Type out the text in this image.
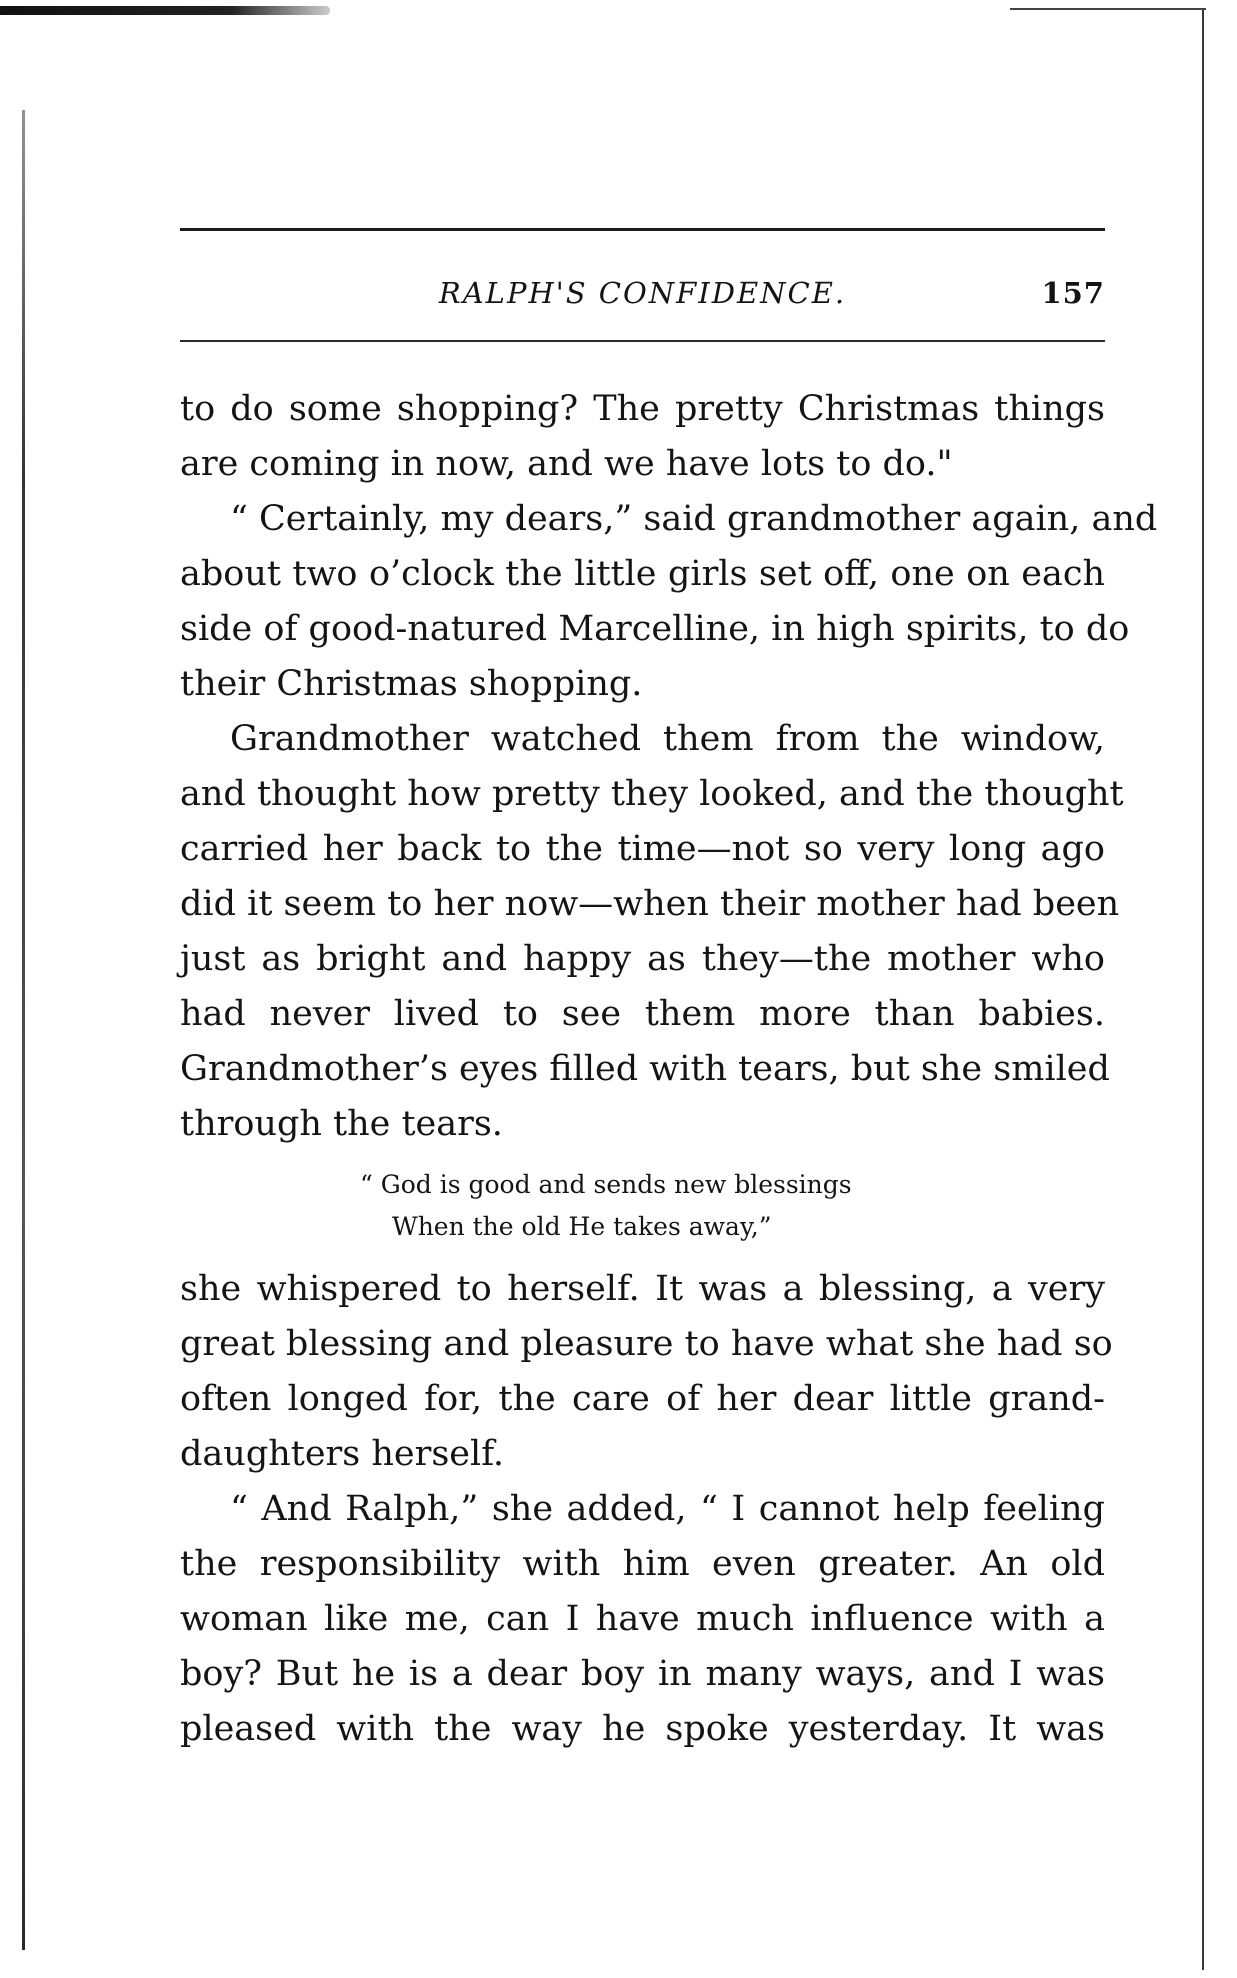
RALPH'S CONFIDENCE.	157
to do some shopping? The pretty Christmas things
are coming in now, and we have lots to do."
“ Certainly, my dears,” said grandmother again, and
about two o’clock the little girls set off, one on each
side of good-natured Marcelline, in high spirits, to do
their Christmas shopping.
Grandmother watched them from the window,
and thought how pretty they looked, and the thought
carried her back to the time—not so very long ago
did it seem to her now—when their mother had been
just as bright and happy as they—the mother who
had never lived to see them more than babies.
Grandmother’s eyes filled with tears, but she smiled
through the tears.
“ God is good and sends new blessings
When the old He takes away,”
she whispered to herself. It was a blessing, a very
great blessing and pleasure to have what she had so
often longed for, the care of her dear little grand-
daughters herself.
“ And Ralph,” she added, “ I cannot help feeling
the responsibility with him even greater. An old
woman like me, can I have much influence with a
boy? But he is a dear boy in many ways, and I was
pleased with the way he spoke yesterday. It was
